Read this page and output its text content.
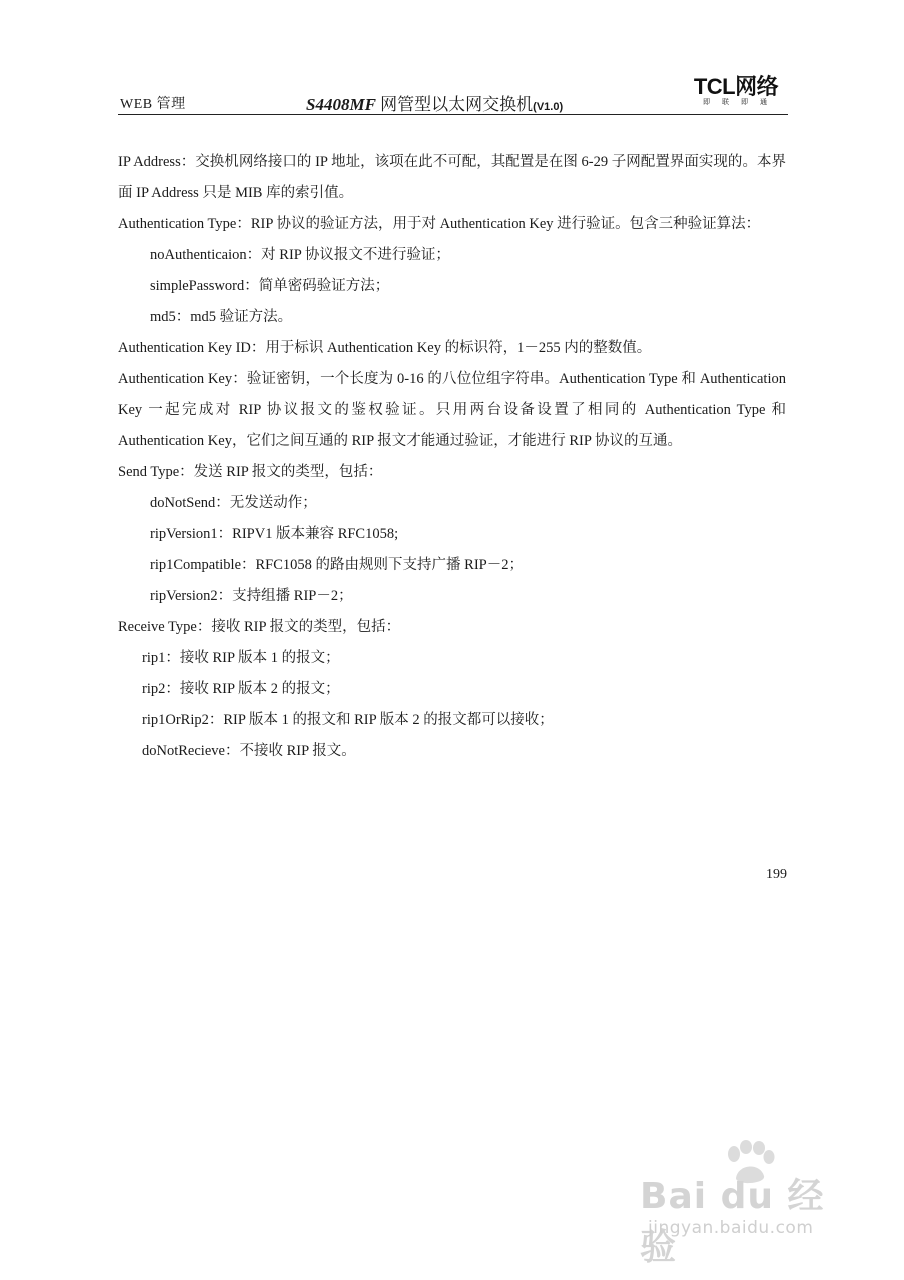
WEB 管理	S4408MF 网管型以太网交换机(V1.0)
TCL网络
即联即通

IP Address：交换机网络接口的 IP 地址，该项在此不可配，其配置是在图 6-29 子网配置界面实现的。本界面 IP Address 只是 MIB 库的索引值。

Authentication Type：RIP 协议的验证方法，用于对 Authentication Key 进行验证。包含三种验证算法：

noAuthenticaion：对 RIP 协议报文不进行验证；

simplePassword：简单密码验证方法；

md5：md5 验证方法。

Authentication Key ID：用于标识 Authentication Key 的标识符，1－255 内的整数值。

Authentication Key：验证密钥，一个长度为 0-16 的八位位组字符串。Authentication Type 和 Authentication Key 一起完成对 RIP 协议报文的鉴权验证。只用两台设备设置了相同的 Authentication Type 和 Authentication Key，它们之间互通的 RIP 报文才能通过验证，才能进行 RIP 协议的互通。

Send Type：发送 RIP 报文的类型，包括：

doNotSend：无发送动作；

ripVersion1：RIPV1 版本兼容 RFC1058;

rip1Compatible：RFC1058 的路由规则下支持广播 RIP－2；

ripVersion2：支持组播 RIP－2；

Receive Type：接收 RIP 报文的类型，包括：

rip1：接收 RIP 版本 1 的报文；

rip2：接收 RIP 版本 2 的报文；

rip1OrRip2：RIP 版本 1 的报文和 RIP 版本 2 的报文都可以接收；

doNotRecieve：不接收 RIP 报文。

199
Bai du 经验
jingyan.baidu.com
